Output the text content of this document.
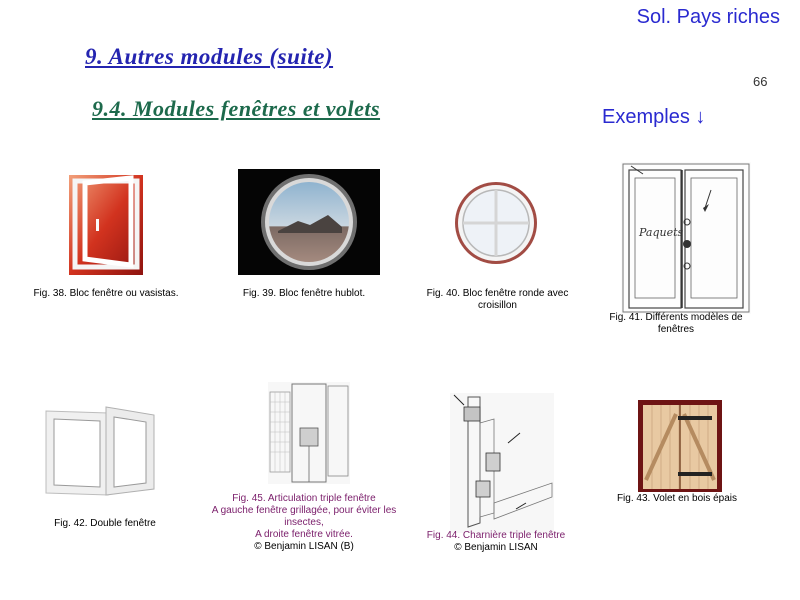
Sol. Pays riches
9. Autres modules (suite)
9.4. Modules fenêtres et volets
66
Exemples ↓
Fig. 38. Bloc fenêtre ou vasistas.	Fig. 39. Bloc fenêtre hublot.	Fig. 40. Bloc fenêtre ronde avec
croisillon
Paquets
Fig. 41. Différents modèles de
fenêtres
Fig. 42. Double fenêtre
Fig. 45. Articulation triple fenêtre
A gauche fenêtre grillagée, pour éviter les
insectes,
A droite fenêtre vitrée.
© Benjamin LISAN (B)
Fig. 44. Charnière triple fenêtre
© Benjamin LISAN
Fig. 43. Volet en bois épais
